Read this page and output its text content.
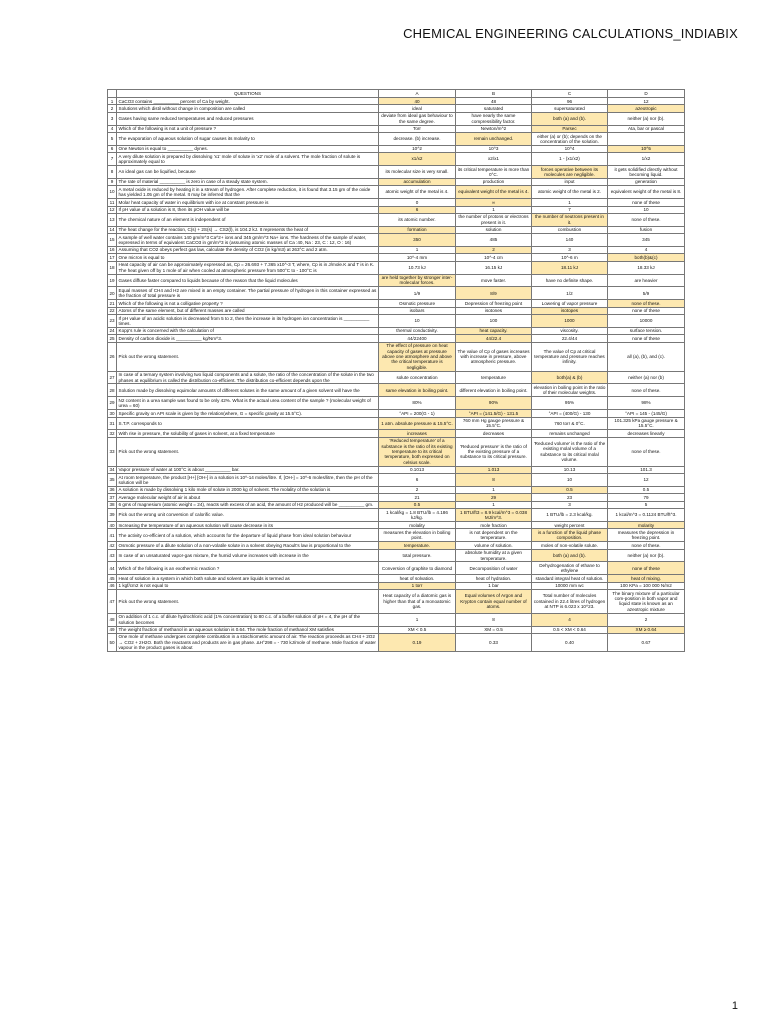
CHEMICAL ENGINEERING CALCULATIONS_INDIABIX
	QUESTIONS	A	B	C	D
1	CaCO3 contains __________ percent of Ca by weight.	40	48	96	12
2	Solutions which distil without change in composition are called	ideal	saturated	supersaturated	azeotropic
3	Gases having same reduced temperatures and reduced pressures	deviate from ideal gas behaviour to the same degree.	have nearly the same compressibility factor.	both (a) and (b).	neither (a) nor (b).
4	Which of the following is not a unit of pressure ?	Torr	Newton/m^2	Parsec	Ata, bar or pascal
5	The evaporation of aqueous solution of sugar causes its molarity to	decrease. (b) increase.	remain unchanged.	either (a) or (b); depends on the concentration of the solution.	
6	One Newton is equal to __________ dynes.	10^2	10^3	10^4	10^5
7	A very dilute solution is prepared by dissolving 'x1' mole of solute in 'x2' mole of a solvent. The mole fraction of solute is approximately equal to	x1/x2	x2/x1	1 - (x1/x2)	1/x2
8	An ideal gas can be liquified, because	its molecular size is very small.	its critical temperature is more than 0°C.	forces operative between its molecules are negligible.	it gets solidified directly without becoming liquid.
9	The rate of material __________ is zero in case of a steady state system.	accumulation	production	input	generation
10	A metal oxide is reduced by heating it in a stream of hydrogen. After complete reduction, it is found that 3.15 gm of the oxide has yielded 1.05 gm of the metal. It may be inferred that the	atomic weight of the metal is 4.	equivalent weight of the metal is 4.	atomic weight of the metal is 2.	equivalent weight of the metal is 8.
11	Molar heat capacity of water in equilibrium with ice at constant pressure is	0	∞	1	none of these
12	If pH value of a solution is 8, then its pOH value will be	6	1	7	10
13	The chemical nature of an element is independent of	its atomic number.	the number of protons or electrons present in it.	the number of neutrons present in it.	none of these.
14	The heat change for the reaction, C(s) + 2S(s) → CS2(l), is 104.2 kJ. It represents the heat of	formation	solution	combustion	fusion
15	A sample of well water contains 140 gm/m^3 Ca^2+ ions and 345 gm/m^3 Na+ ions. The hardness of the sample of water, expressed in terms of equivalent CaCO3 in gm/m^3 is (assuming atomic masses of Ca :40, Na : 23, C : 12, O : 16)	350	485	140	345
16	Assuming that CO2 obeys perfect gas law, calculate the density of CO2 (in kg/m3) at 263°C and 2 atm.	1	2	3	4
17	One micron is equal to	10^-4 mm	10^-4 cm	10^-6 m	both(b)&(c)
18	Heat capacity of air can be approximately expressed as, Cp = 26.693 + 7.365 x10^-3 T, where, Cp is in J/mole.K and T is in K. The heat given off by 1 mole of air when cooled at atmospheric pressure from 500°C to - 100°C is	10.73 kJ	16.15 kJ	18.11 kJ	18.33 kJ
19	Gases diffuse faster compared to liquids because of the reason that the liquid molecules	are held together by stronger inter-molecular forces.	move faster.	have no definite shape.	are heavier
20	Equal masses of CH4 and H2 are mixed in an empty container. The partial pressure of hydrogen in this container expressed as the fraction of total pressure is	1/9	8/9	1/2	5/9
21	Which of the following is not a colligative property ?	Osmotic pressure	Depression of freezing point	Lowering of vapor pressure	none of these.
22	Atoms of the same element, but of different masses are called	isobars	isotones	isotopes	none of these
23	If pH value of an acidic solution is decreased from 5 to 2, then the increase in its hydrogen ion concentration is __________ times.	10	100	1000	10000
24	Kopp's rule is concerned with the calculation of	thermal conductivity.	heat capacity.	viscosity.	surface tension.
25	Density of carbon dioxide is __________ kg/Nm^3.	44/22400	44/22.4	22.4/44	none of these
26	Pick out the wrong statement.	The effect of pressure on heat capacity of gases at pressure above one atmosphere and above the critical temperature is negligible.	The value of Cp of gases increases with increase in pressure, above atmospheric pressure.	The value of Cp at critical temperature and pressure reaches infinity.	all (a), (b), and (c).
27	In case of a ternary system involving two liquid components and a solute, the ratio of the concentration of the solute in the two phases at equilibrium is called the distribution co-efficient. The distribution co-efficient depends upon the	solute concentration	temperature	both(a) & (b)	neither (a) nor (b)
28	Solution made by dissolving equimolar amounts of different solutes in the same amount of a given solvent will have the	same elevation in boiling point.	different elevation in boiling point.	elevation in boiling point in the ratio of their molecular weights.	none of these.
29	N2 content in a urea sample was found to be only 42%. What is the actual urea content of the sample ? (molecular weight of urea = 60)	80%	90%	95%	98%
30	Specific gravity on API scale is given by the relation(where, G = specific gravity at 15.5°C).	°API = 200(G - 1)	°API = (141.5/G) - 131.5	°API = (400/G) - 130	°API = 145 - (145/G)
31	S.T.P. corresponds to	1 atm. absolute pressure & 15.5°C.	760 mm Hg gauge pressure & 15.5°C.	760 torr & 0°C.	101.325 kPa gauge pressure & 15.5°C.
32	With rise in pressure, the solubility of gases in solvent, at a fixed temperature	increases	decreases	remains unchanged	decreases linearly
33	Pick out the wrong statement.	'Reduced temperature' of a substance is the ratio of its existing temperature to its critical temperature, both expressed on celsius scale.	'Reduced pressure' is the ratio of the existing pressure of a substance to its critical pressure.	'Reduced volume' is the ratio of the existing molal volume of a substance to its critical molal volume.	none of these.
34	Vapor pressure of water at 100°C is about __________ bar.	0.1013	1.013	10.13	101.3
35	At room temperature, the product [H+] [OH-] in a solution is 10^-14 moles/litre. If, [OH-] = 10^-6 moles/litre, then the pH of the solution will be	6	8	10	12
36	A solution is made by dissolving 1 kilo mole of solute in 2000 kg of solvent. The molality of the solution is	2	1	0.5	0.5
37	Average molecular weight of air is about	21	29	23	79
38	6 gms of magnesium (atomic weight = 24), reacts with excess of an acid, the amount of H2 produced will be __________ gm.	0.5	1	3	5
39	Pick out the wrong unit conversion of calorific value.	1 kcal/kg = 1.8 BTU/lb = 4.186 kJ/kg.	1 BTU/ft3 = 8.9 kcal/m^3 = 0.038 MJ/m^3.	1 BTU/lb = 2.3 kcal/kg.	1 kcal/m^3 = 0.1124 BTU/ft^3.
40	Increasing the temperature of an aqueous solution will cause decrease in its	molality	mole fraction	weight percent	molarity
41	The activity co-efficient of a solution, which accounts for the departure of liquid phase from ideal solution behaviour	measures the elevation in boiling point.	is not dependent on the temperature.	is a function of the liquid phase composition.	measures the depression in freezing point.
42	Osmotic pressure of a dilute solution of a non-volatile solute in a solvent obeying Raoult's law is proportional to the	temperature.	volume of solution.	moles of non-volatile solute.	none of these.
43	In case of an unsaturated vapor-gas mixture, the humid volume increases with increase in the	total pressure.	absolute humidity at a given temperature.	both (a) and (b).	neither (a) nor (b).
44	Which of the following is an exothermic reaction ?	Conversion of graphite to diamond	Decomposition of water	Dehydrogenation of ethane to ethylene	none of these
45	Heat of solution in a system in which both solute and solvent are liquids is termed as	heat of solvation.	heat of hydration.	standard integral heat of solution.	heat of mixing.
46	1 kgf/cm2 is not equal to	1 torr	1 bar	10000 mm wc	100 KPa = 100 000 N/m2
47	Pick out the wrong statement.	Heat capacity of a diatomic gas is higher than that of a monoatomic gas.	Equal volumes of Argon and Krypton contain equal number of atoms.	Total number of molecules contained in 22.4 litres of hydrogen at NTP is 6.023 x 10^23.	The binary mixture of a particular com-position in both vapor and liquid state is known as an azeotropic mixture
48	On addition of 1 c.c. of dilute hydrochloric acid (1% concentration) to 80 c.c. of a buffer solution of pH = 4, the pH of the solution becomes	1	8	4	2
49	The weight fraction of methanol in an aqueous solution is 0.64. The mole fraction of methanol XM satisfies	XM < 0.5	XM = 0.5	0.5 < XM < 0.64	XM ≥ 0.64
50	One mole of methane undergoes complete combustion in a stoichiometric amount of air. The reaction proceeds as CH4 + 2O2 → CO2 + 2H2O. Both the reactants and products are in gas phase. ΔH°298 = - 730 kJ/mole of methane. Mole fraction of water vapour in the product gases is about	0.19	0.33	0.40	0.67
1
